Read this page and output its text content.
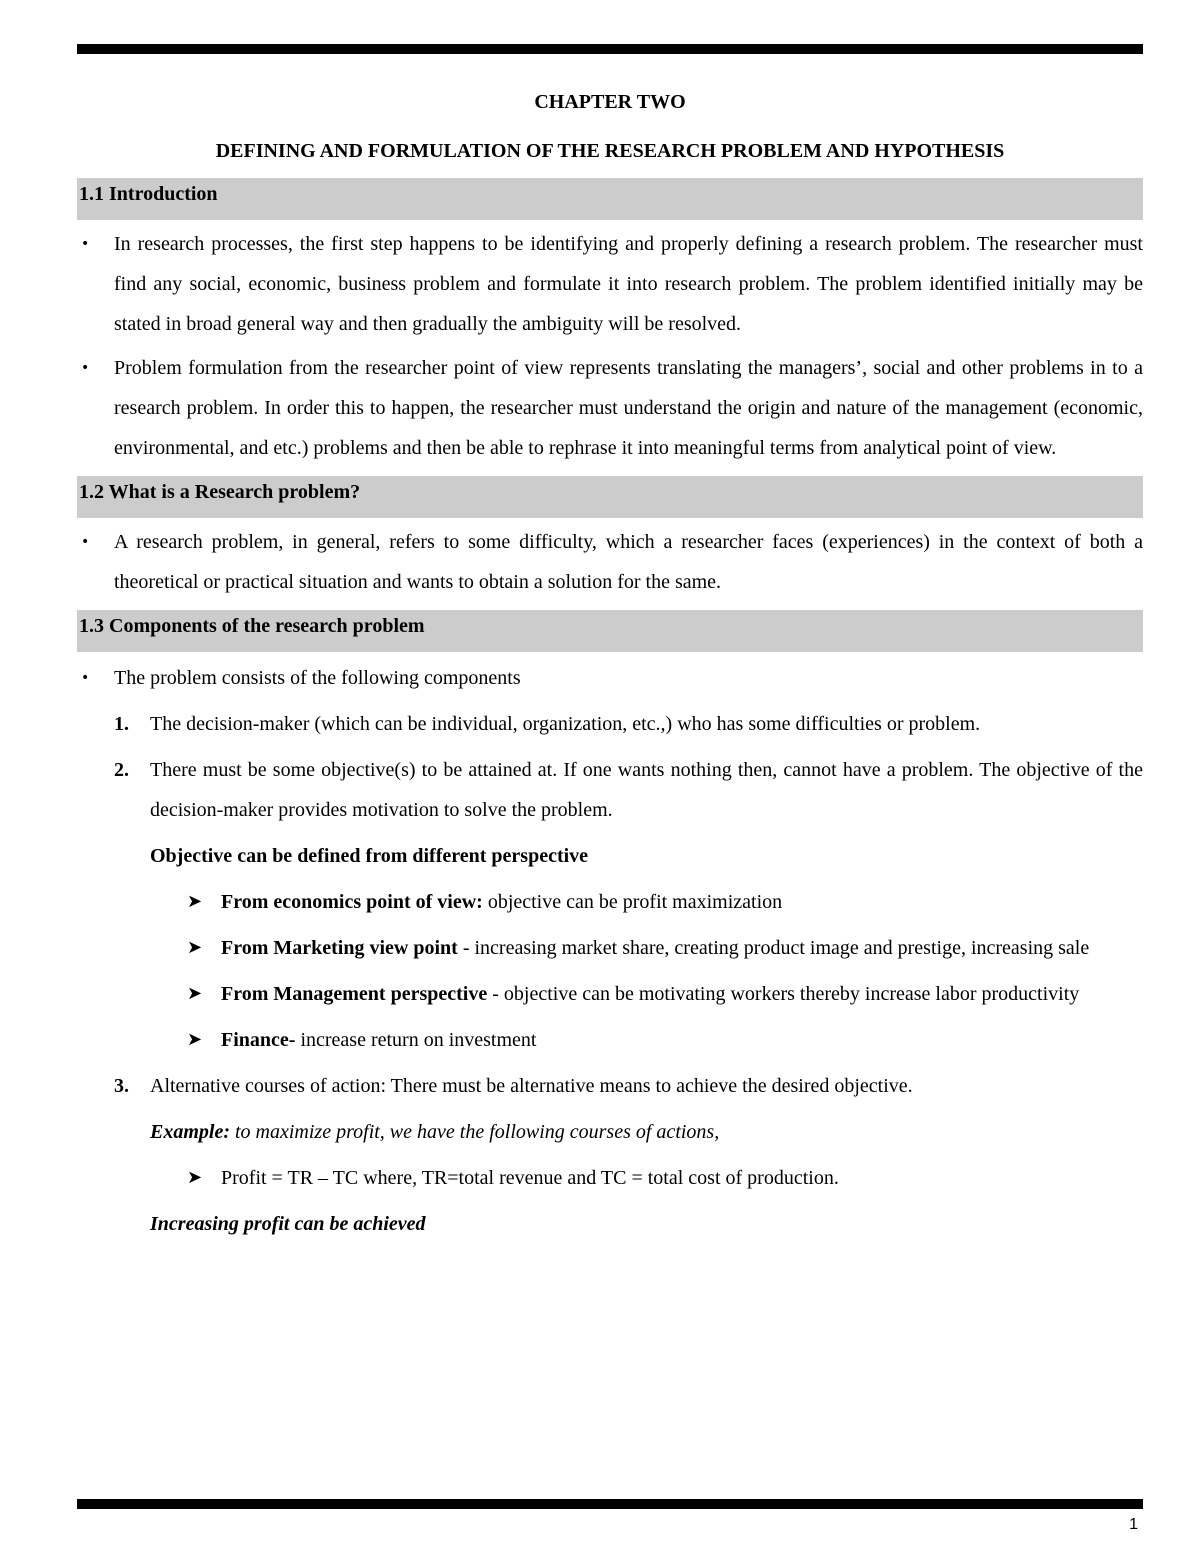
CHAPTER TWO
DEFINING AND FORMULATION OF THE RESEARCH PROBLEM AND HYPOTHESIS
1.1 Introduction
• In research processes, the first step happens to be identifying and properly defining a research problem. The researcher must find any social, economic, business problem and formulate it into research problem. The problem identified initially may be stated in broad general way and then gradually the ambiguity will be resolved.
• Problem formulation from the researcher point of view represents translating the managers’, social and other problems in to a research problem. In order this to happen, the researcher must understand the origin and nature of the management (economic, environmental, and etc.) problems and then be able to rephrase it into meaningful terms from analytical point of view.
1.2 What is a Research problem?
• A research problem, in general, refers to some difficulty, which a researcher faces (experiences) in the context of both a theoretical or practical situation and wants to obtain a solution for the same.
1.3 Components of the research problem
• The problem consists of the following components
1. The decision-maker (which can be individual, organization, etc.,) who has some difficulties or problem.
2. There must be some objective(s) to be attained at. If one wants nothing then, cannot have a problem. The objective of the decision-maker provides motivation to solve the problem.
Objective can be defined from different perspective
➤ From economics point of view: objective can be profit maximization
➤ From Marketing view point - increasing market share, creating product image and prestige, increasing sale
➤ From Management perspective - objective can be motivating workers thereby increase labor productivity
➤ Finance- increase return on investment
3. Alternative courses of action: There must be alternative means to achieve the desired objective.
Example: to maximize profit, we have the following courses of actions,
➤ Profit = TR – TC where, TR=total revenue and TC = total cost of production.
Increasing profit can be achieved
1
